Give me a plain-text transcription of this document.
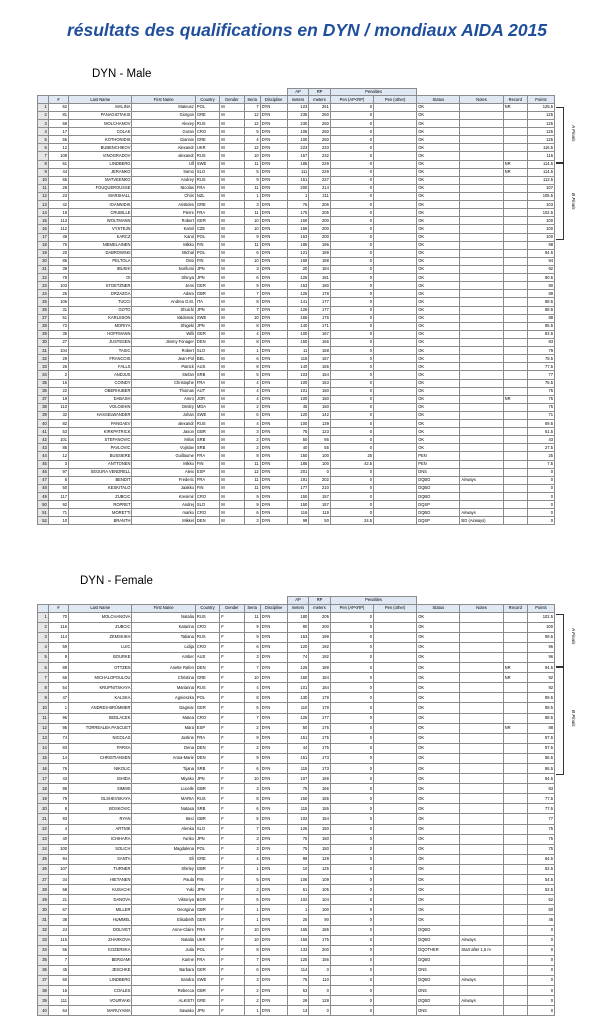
résultats des qualifications en DYN / mondiaux AIDA 2015
DYN - Male
								AP	RP	Penalties					
	#	Last Name	First Name	Country	Gender	Seria	Discipline	meters	meters	Pen (AP<RP)	Pen (other)	Status	Notes	Record	Points
1	62	MALINA	Mateusz	POL	M	7	DYN	123	251	0		OK		NR	125.5
2	81	PANAGIOTAKIS	Giorgos	GRE	M	12	DYN	235	250	0		OK			125
3	69	MOLCHANOV	Alexey	RUS	M	12	DYN	230	250	0		OK			125
4	17	COLAK	Goran	CRO	M	5	DYN	105	250	0		OK			125
5	55	KOTHONIDIS	Giannis	GRE	M	4	DYN	100	250	0		OK			125
6	12	BUBENCHIKOV	Alexandr	UKR	M	12	DYN	223	233	0		OK			116.5
7	109	VINOGRADOV	alexandr	RUS	M	10	DYN	157	232	0		OK			116
8	61	LINDBERG	Ulf	SWE	M	11	DYN	185	229	0		OK		NR	114.5
9	44	JERANKO	Samo	SLO	M	5	DYN	111	229	0		OK		NR	114.5
10	65	MATVEENKO	Andrey	RUS	M	9	DYN	151	227	0		OK			113.5
11	28	FOUQUEROUSSE	Nicolas	FRA	M	11	DYN	200	214	0		OK			107
12	23	MARSHALL	Chris	NZL	M	1	DYN	1	211	0		OK			105.5
13	42	IOANNIDIS	Aristides	GRE	M	3	DYN	76	206	0		OK			103
14	18	CRUBILLE	Pierre	FRA	M	11	DYN	175	205	0		OK			102.5
15	113	WOLTMANN	Robert	GER	M	10	DYN	160	200	0		OK			100
16	112	VYSTEJN	Kamil	CZE	M	10	DYN	155	200	0		OK			100
17	49	KARCZ	Karol	POL	M	9	DYN	153	200	0		OK			100
18	75	NIEMELAINEN	Mikko	FIN	M	11	DYN	185	196	0		OK			98
19	20	DABROWSKI	Michal	POL	M	6	DYN	121	189	0		OK			94.5
20	86	PELTOLA	Ossi	FIN	M	10	DYN	169	188	0		OK			94
21	39	IBUSHI	Norifumi	JPN	M	3	DYN	20	184	0		OK			92
22	78	OI	Shinya	JPN	M	6	DYN	125	181	0		OK			90.5
23	103	STOETZNER	Jens	GER	M	9	DYN	153	180	0		OK			90
24	25	DRZAZGA	Adam	GBR	M	7	DYN	125	178	0		OK			89
25	106	TUCCI	Andrea O.M.	ITA	M	8	DYN	141	177	0		OK			88.5
26	31	GOTO	Shuichi	JPN	M	7	DYN	126	177	0		OK			88.5
27	51	KARLSSON	Valdemar	SWE	M	10	DYN	165	176	0		OK			88
28	72	MORIYA	Shigeki	JPN	M	8	DYN	140	171	0		OK			85.5
29	35	HOFFMANN	Willi	GER	M	4	DYN	100	167	0		OK			83.5
30	27	JUSTESEN	Jimmy Fonager	DEN	M	8	DYN	150	166	0		OK			83
31	104	TASIC	Robert	SLO	M	1	DYN	11	158	0		OK			79
32	29	FRANCOIS	Jean-Pol	BEL	M	6	DYN	116	157	0		OK			78.5
33	26	FALLS	Patrick	AUS	M	8	DYN	140	155	0		OK			77.5
34	2	ANDJUS	Stefan	SRB	M	5	DYN	103	154	0		OK			77
35	16	COINDY	Christophe	FRA	M	4	DYN	100	153	0		OK			76.5
36	22	OBERHUBER	Thomas	AUT	M	4	DYN	101	150	0		OK			75
37	19	DABASH	Amro	JOR	M	4	DYN	100	150	0		OK		NR	75
38	110	VOLOSHIN	Dmitry	MDA	M	2	DYN	45	150	0		OK			75
39	32	HASSELWANDER	Johan	SWE	M	6	DYN	120	142	0		OK			71
40	82	PANGAEV	alexandr	RUS	M	4	DYN	100	139	0		OK			69.5
41	53	KIRKPATRICK	Jason	GBR	M	3	DYN	75	123	0		OK			61.5
42	101	STEFANOVIC	Milos	SRB	M	2	DYN	50	86	0		OK			43
43	85	PAVLOVIC	Vojislav	SRB	M	2	DYN	40	55	0		OK			27.5
44	12	BUSSIERE	Guillaume	FRA	M	8	DYN	150	100	25		PEN			25
45	3	ANTTONEN	Mikko	FIN	M	11	DYN	185	100	42.5		PEN			7.5
46	97	SEGURA VENDRELL	Aleix	ESP	M	12	DYN	201	0	0		DNS			0
47	6	BENDIT	Frederic	FRA	M	11	DYN	191	202	0		DQBO	Airways		0
48	50	KESKITALO	Jaakko	FIN	M	11	DYN	177	210	0		DQBO			0
49	117	ZUBCIC	Kresimir	CRO	M	9	DYN	150	157	0		DQBO			0
50	92	ROPRET	Andrej	SLO	M	9	DYN	150	157	0		DQSP			0
51	71	MORETTI	marko	CRO	M	6	DYN	116	119	0		DQBO	Airways		0
52	10	BRANTH	Mikkel	DEN	M	3	DYN	99	50	24.5		DQSP	BO (Airways)		0
A Finals
B Finals
DYN - Female
								AP	RP	Penalties					
	#	Last Name	First Name	Country	Gender	Seria	Discipline	meters	meters	Pen (AP<RP)	Pen (other)	Status	Notes	Record	Points
1	70	MOLCHANOVA	Natalia	RUS	F	11	DYN	180	205	0		OK			102.5
2	116	ZUBCIC	Katarina	CRO	F	9	DYN	90	200	0		OK			100
3	114	ZEMSKIKH	Tatiana	RUS	F	9	DYN	153	199	0		OK			99.5
4	59	LUIC	Lidija	CRO	F	6	DYN	120	192	0		OK			96
5	9	BOURKE	Amber	AUS	F	3	DYN	74	192	0		OK			96
6	89	OTTZEN	Anette Rafen	DEN	F	7	DYN	126	189	0		OK		NR	94.5
7	66	MICHALOPOULOU	Christina	GRE	F	10	DYN	160	184	0		OK		NR	92
8	54	KRUPNITSKAYA	Marianna	RUS	F	4	DYN	101	184	0		OK			92
9	47	KALSKA	Agnieszka	POL	F	8	DYN	130	179	0		OK			89.5
10	1	ANDRES-BRÜMMER	Dagmar	GER	F	5	DYN	110	179	0		OK			89.5
11	96	SEDLACEK	Matea	CRO	F	7	DYN	125	177	0		OK			88.5
12	95	TORREALBA PASCUET	Mara	ESP	F	2	DYN	50	176	0		OK		NR	88
13	74	NICOLAS	Justine	FRA	F	9	DYN	151	175	0		OK			87.5
14	83	PARSA	Dena	DEN	F	2	DYN	44	175	0		OK			87.5
15	14	CHRISTIANSEN	Anna-Marie	DEN	F	9	DYN	151	173	0		OK			86.5
16	76	NIKOLIC	Tijana	SRB	F	6	DYN	115	173	0		OK			86.5
17	43	ISHIDA	Miyako	JPN	F	10	DYN	107	169	0		OK			84.5
18	98	SIMMS	Lucelle	GBR	F	3	DYN	75	166	0		OK			83
19	79	OLSHEVSKAYA	MARIA	RUS	F	8	DYN	150	155	0		OK			77.5
20	8	BOSKOVIC	Natasa	SRB	F	6	DYN	115	155	0		OK			77.5
21	93	RYAN	Beci	GBR	F	5	DYN	102	154	0		OK			77
22	4	ARTNIK	Alenka	SLO	F	7	DYN	126	150	0		OK			75
23	40	ICHIHARA	Yuriko	JPN	F	3	DYN	75	150	0		OK			75
24	100	SOLICH	Magdalena	POL	F	3	DYN	75	150	0		OK			75
25	94	SANTA	Eli	GRE	F	4	DYN	99	129	0		OK			64.5
26	107	TURNER	Shirley	GBR	F	1	DYN	10	125	0		OK			62.5
27	34	HIETANEN	Paula	FIN	F	5	DYN	106	109	0		OK			54.5
28	58	KUSACHI	Yuki	JPN	F	2	DYN	61	105	0		OK			52.5
29	21	DANOVA	Viktoriya	BGR	F	5	DYN	102	104	0		OK			52
30	67	MILLER	Georgina	GBR	F	1	DYN	1	100	0		OK			50
31	38	HUMMEL	Elisabeth	GER	F	1	DYN	25	90	0		OK			45
32	24	DOLIVET	Anne-Claire	FRA	F	10	DYN	165	186	0		DQBO			0
33	115	ZHARKOVA	Natalia	UKR	F	10	DYN	156	175	0		DQBO	Airways		0
34	56	KOZERSKA	Julia	POL	F	8	DYN	133	200	0		DQOTHER	Start after 1,5 m		0
35	7	BERGAMI	Karine	FRA	F	7	DYN	125	156	0		DQBO			0
36	45	JESCHKE	Barbara	GER	F	6	DYN	114	0	0		DNS			0
37	60	LINDBERG	Sandra	SWE	F	3	DYN	76	110	0		DQBO	Airways		0
38	15	COALES	Rebecca	GBR	F	2	DYN	53	0	0		DNS			0
39	111	VOURVAKI	ALKISTI	GRE	F	2	DYN	29	128	0		DQBO	Airways		0
40	64	MARUYAMA	Sawako	JPN	F	1	DYN	13	0	0		DNS			0
A Finals
B Finals
